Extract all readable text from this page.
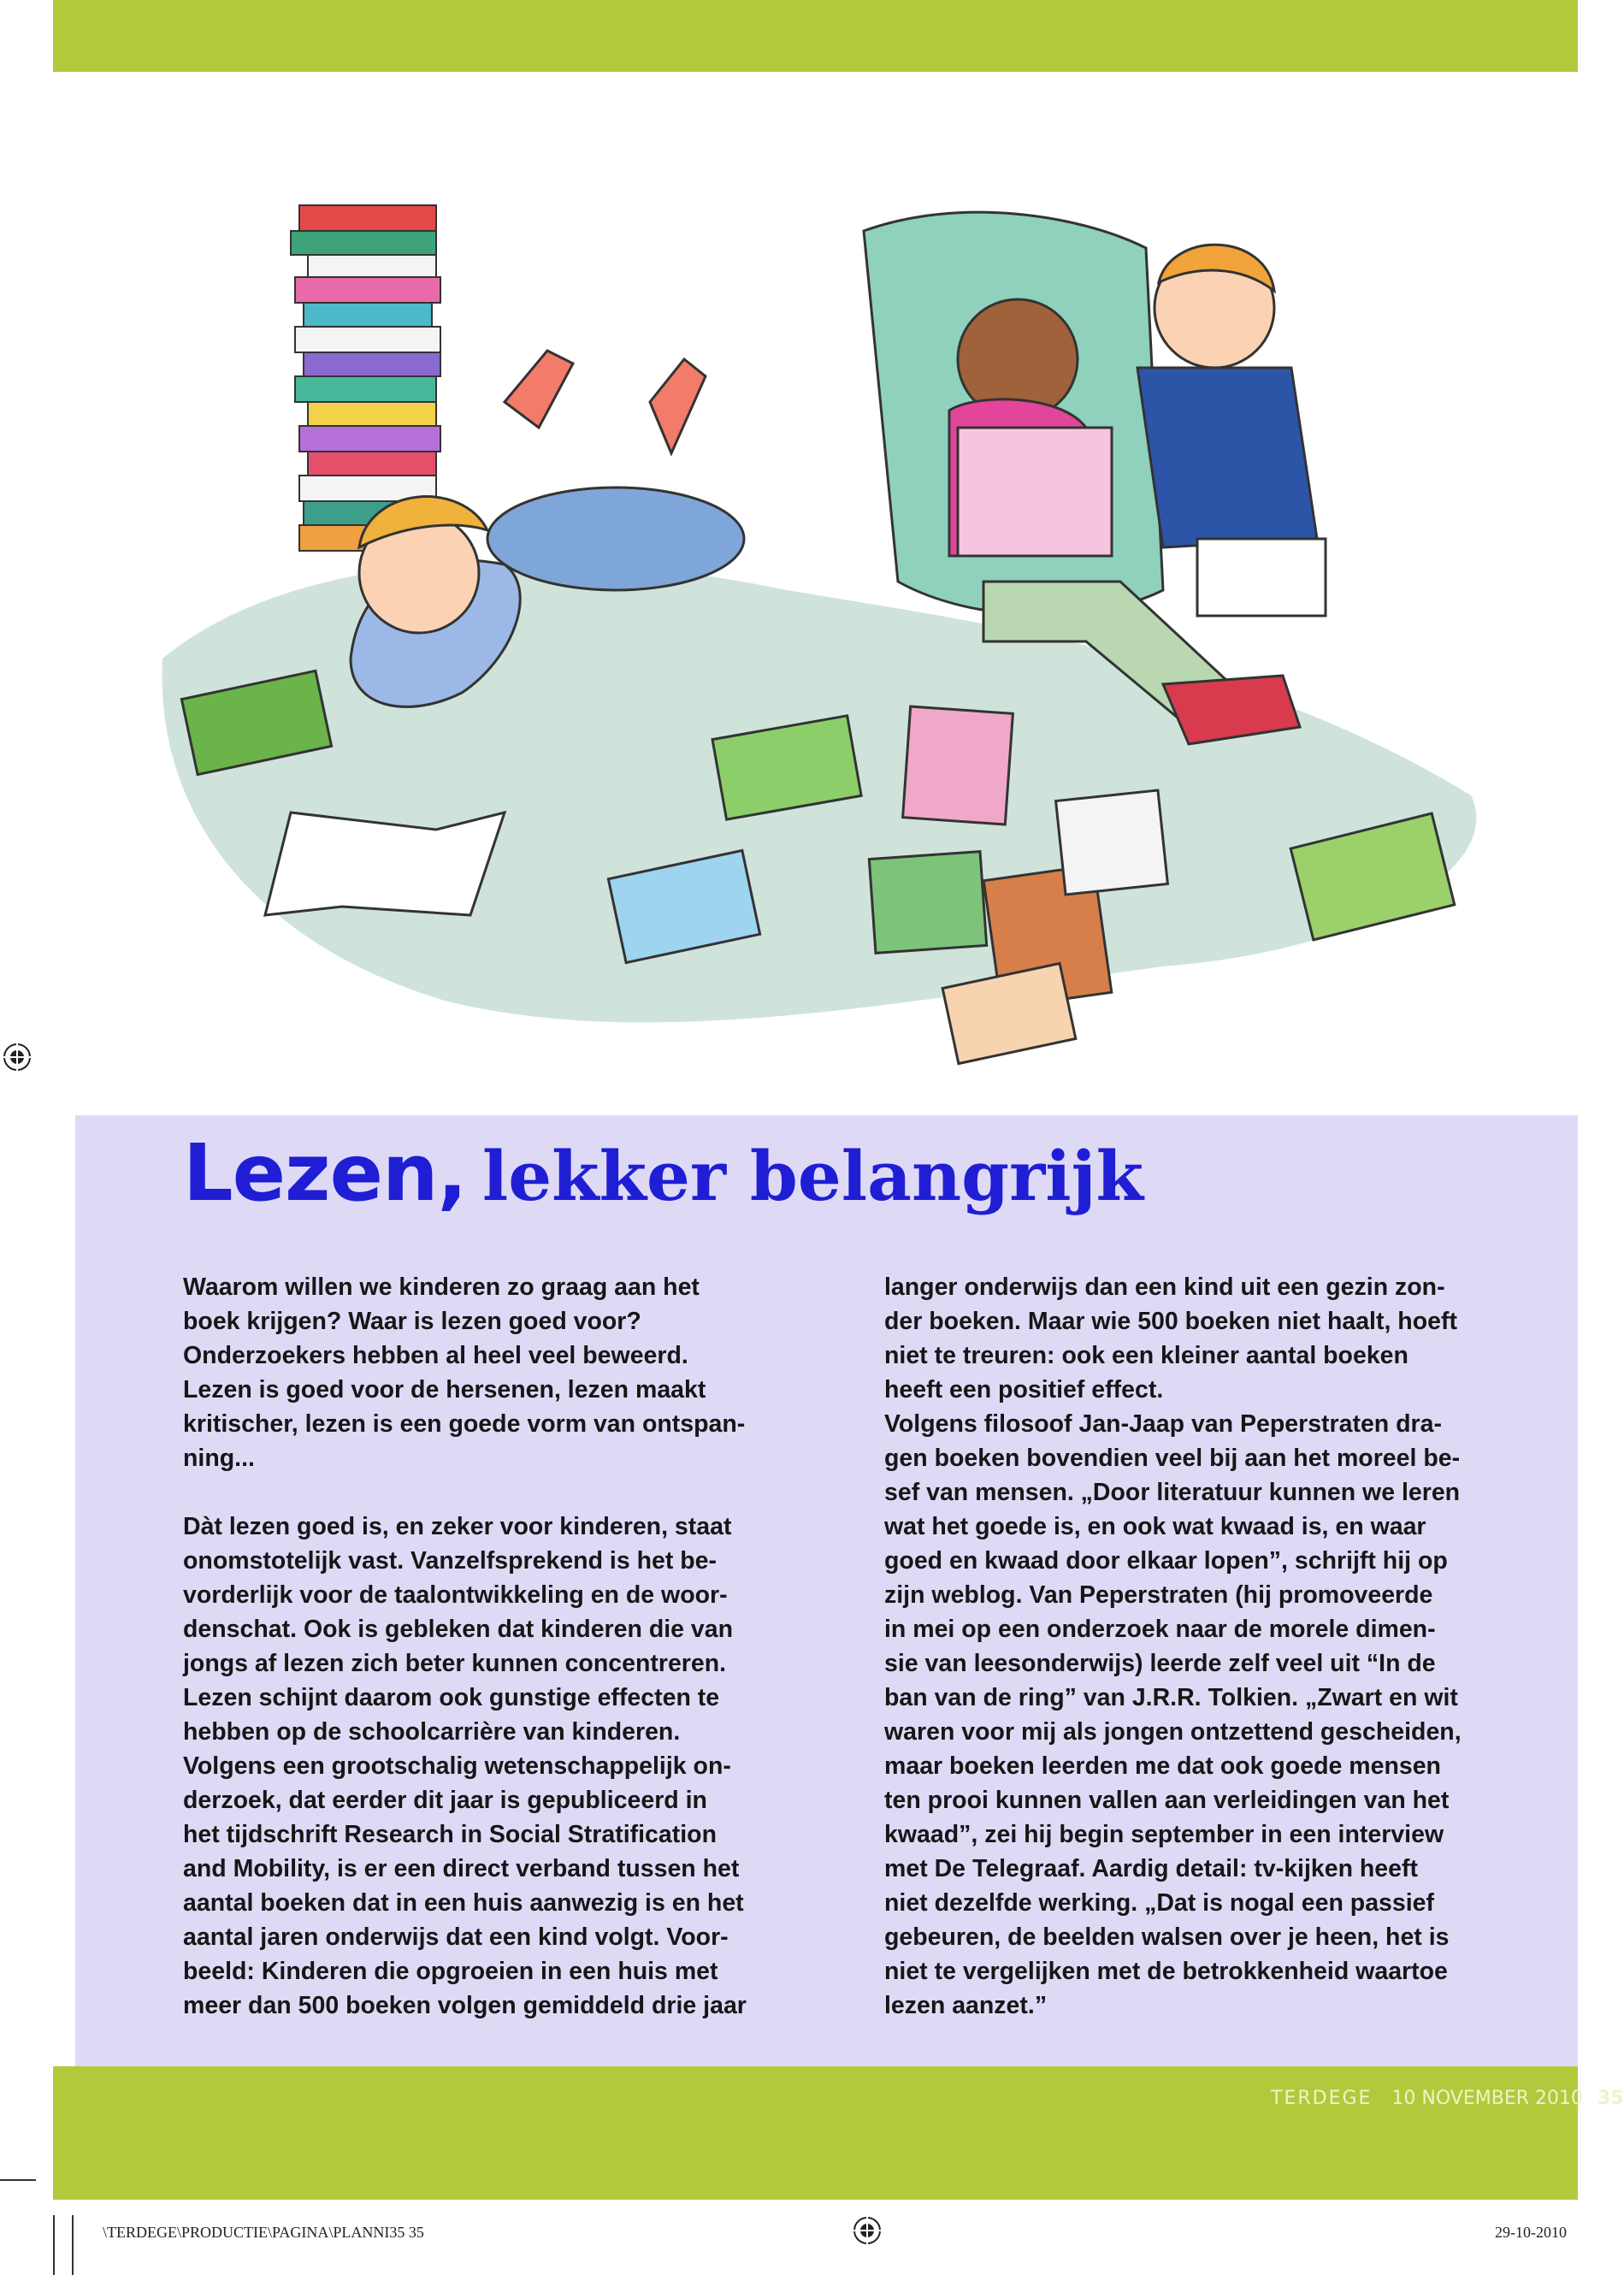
Lezen, lekker belangrijk

Waarom willen we kinderen zo graag aan het

boek krijgen? Waar is lezen goed voor?

Onderzoekers hebben al heel veel beweerd.

Lezen is goed voor de hersenen, lezen maakt

kritischer, lezen is een goede vorm van ontspan-

ning...

Dàt lezen goed is, en zeker voor kinderen, staat

onomstotelijk vast. Vanzelfsprekend is het be-

vorderlijk voor de taalontwikkeling en de woor-

denschat. Ook is gebleken dat kinderen die van

jongs af lezen zich beter kunnen concentreren.

Lezen schijnt daarom ook gunstige effecten te

hebben op de schoolcarrière van kinderen.

Volgens een grootschalig wetenschappelijk on-

derzoek, dat eerder dit jaar is gepubliceerd in

het tijdschrift Research in Social Stratification

and Mobility, is er een direct verband tussen het

aantal boeken dat in een huis aanwezig is en het

aantal jaren onderwijs dat een kind volgt. Voor-

beeld: Kinderen die opgroeien in een huis met

meer dan 500 boeken volgen gemiddeld drie jaar

langer onderwijs dan een kind uit een gezin zon-

der boeken. Maar wie 500 boeken niet haalt, hoeft

niet te treuren: ook een kleiner aantal boeken

heeft een positief effect.

Volgens filosoof Jan-Jaap van Peperstraten dra-

gen boeken bovendien veel bij aan het moreel be-

sef van mensen. „Door literatuur kunnen we leren

wat het goede is, en ook wat kwaad is, en waar

goed en kwaad door elkaar lopen”, schrijft hij op

zijn weblog. Van Peperstraten (hij promoveerde

in mei op een onderzoek naar de morele dimen-

sie van leesonderwijs) leerde zelf veel uit “In de

ban van de ring” van J.R.R. Tolkien. „Zwart en wit

waren voor mij als jongen ontzettend gescheiden,

maar boeken leerden me dat ook goede mensen

ten prooi kunnen vallen aan verleidingen van het

kwaad”, zei hij begin september in een interview

met De Telegraaf. Aardig detail: tv-kijken heeft

niet dezelfde werking. „Dat is nogal een passief

gebeuren, de beelden walsen over je heen, het is

niet te vergelijken met de betrokkenheid waartoe

lezen aanzet.”

TERDEGE 10 NOVEMBER 2010 35
\TERDEGE\PRODUCTIE\PAGINA\PLANNI35 35	29-10-2010
